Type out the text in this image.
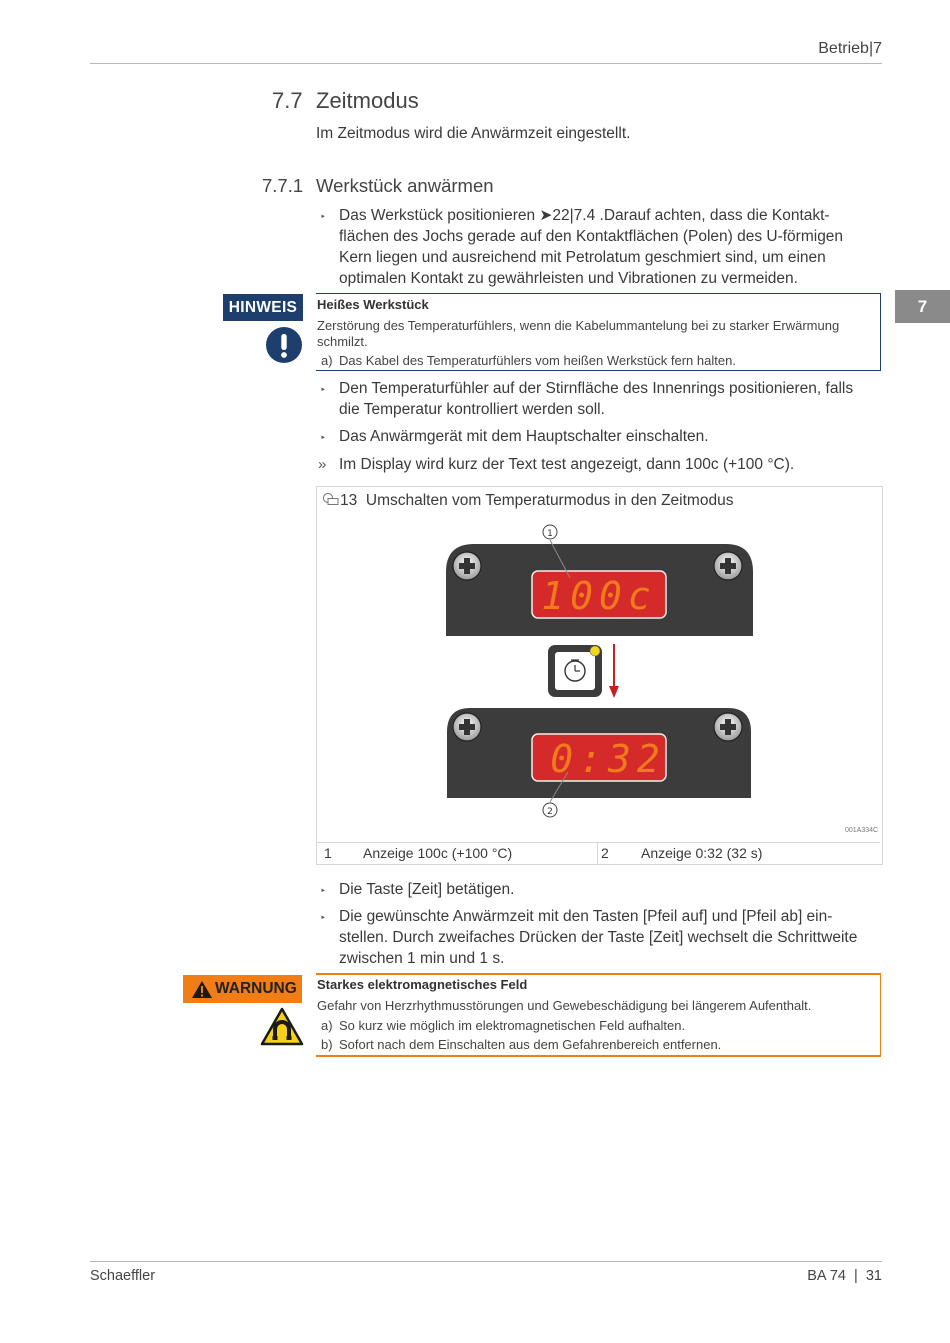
Betrieb|7
7
7.7 Zeitmodus
Im Zeitmodus wird die Anwärmzeit eingestellt.
7.7.1 Werkstück anwärmen
‣ Das Werkstück positionieren ➤22|7.4 .Darauf achten, dass die Kontakt-
flächen des Jochs gerade auf den Kontaktflächen (Polen) des U-förmigen
Kern liegen und ausreichend mit Petrolatum geschmiert sind, um einen
optimalen Kontakt zu gewährleisten und Vibrationen zu vermeiden.
HINWEIS	Heißes Werkstück
Zerstörung des Temperaturfühlers, wenn die Kabelummantelung bei zu starker Erwärmung schmilzt.
a) Das Kabel des Temperaturfühlers vom heißen Werkstück fern halten.
‣ Den Temperaturfühler auf der Stirnfläche des Innenrings positionieren, falls
die Temperatur kontrolliert werden soll.
‣ Das Anwärmgerät mit dem Hauptschalter einschalten.
» Im Display wird kurz der Text test angezeigt, dann 100c (+100 °C).
13 Umschalten vom Temperaturmodus in den Zeitmodus
100c
1
0:32
2
001A334C
1 Anzeige 100c (+100 °C)	2 Anzeige 0:32 (32 s)
‣ Die Taste [Zeit] betätigen.
‣ Die gewünschte Anwärmzeit mit den Tasten [Pfeil auf] und [Pfeil ab] ein-
stellen. Durch zweifaches Drücken der Taste [Zeit] wechselt die Schrittweite
zwischen 1 min und 1 s.
WARNUNG Starkes elektromagnetisches Feld
Gefahr von Herzrhythmusstörungen und Gewebeschädigung bei längerem Aufenthalt.
a) So kurz wie möglich im elektromagnetischen Feld aufhalten.
b) Sofort nach dem Einschalten aus dem Gefahrenbereich entfernen.
Schaeffler	BA 74 | 31
